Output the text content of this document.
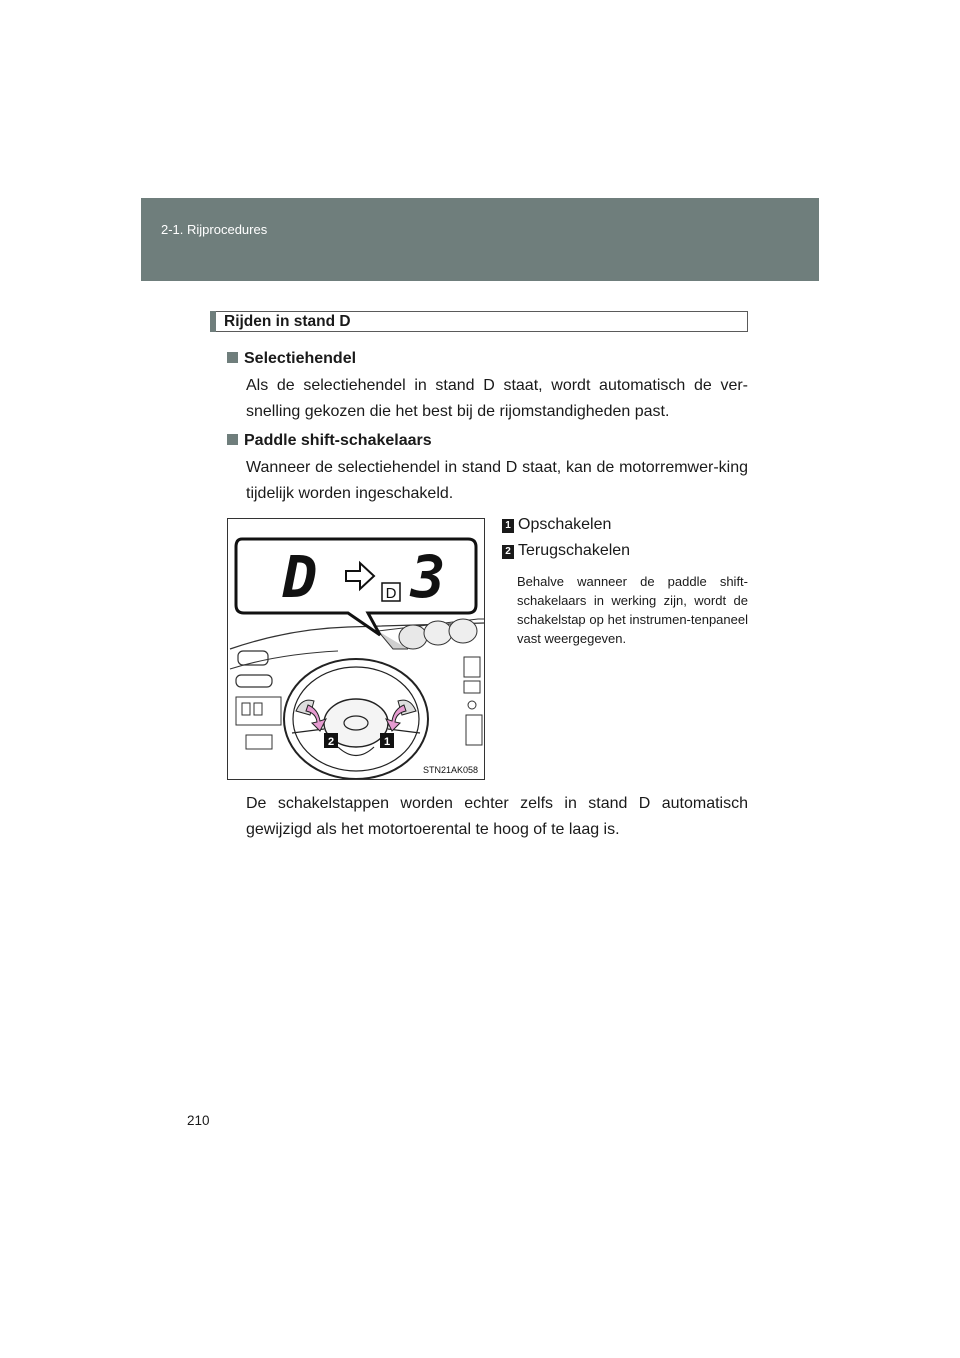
2-1. Rijprocedures
Rijden in stand D
Selectiehendel
Als de selectiehendel in stand D staat, wordt automatisch de ver-snelling gekozen die het best bij de rijomstandigheden past.
Paddle shift-schakelaars
Wanneer de selectiehendel in stand D staat, kan de motorremwer-king tijdelijk worden ingeschakeld.
2	1
D	D 3
STN21AK058
1 Opschakelen
2 Terugschakelen
Behalve wanneer de paddle shift-schakelaars in werking zijn, wordt de schakelstap op het instrumen-tenpaneel vast weergegeven.
De schakelstappen worden echter zelfs in stand D automatisch gewijzigd als het motortoerental te hoog of te laag is.
210
